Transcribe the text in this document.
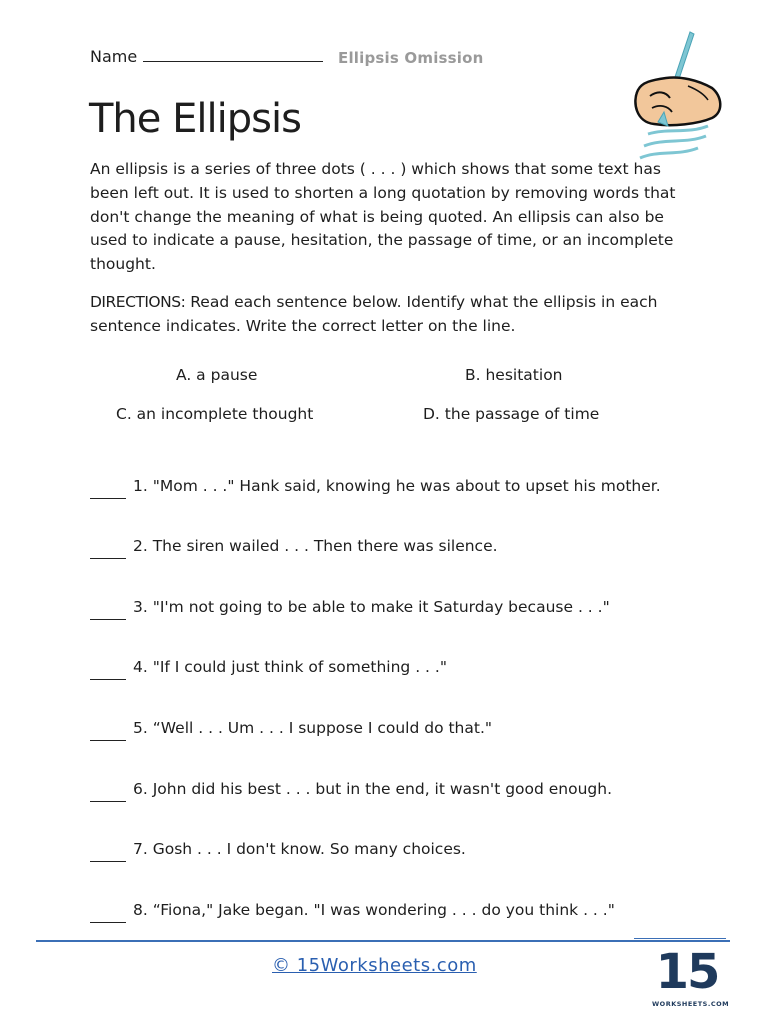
Name	Ellipsis Omission
The Ellipsis

An ellipsis is a series of three dots ( . . . ) which shows that some text has been left out. It is used to shorten a long quotation by removing words that don't change the meaning of what is being quoted. An ellipsis can also be used to indicate a pause, hesitation, the passage of time, or an incomplete thought.

DIRECTIONS: Read each sentence below. Identify what the ellipsis in each sentence indicates. Write the correct letter on the line.

A. a pause	B. hesitation
C. an incomplete thought	D. the passage of time
1. "Mom . . ." Hank said, knowing he was about to upset his mother.
2. The siren wailed . . . Then there was silence.
3. "I'm not going to be able to make it Saturday because . . ."
4. "If I could just think of something . . ."
5. “Well . . . Um . . . I suppose I could do that."
6. John did his best . . . but in the end, it wasn't good enough.
7. Gosh . . . I don't know. So many choices.
8. “Fiona," Jake began. "I was wondering . . . do you think . . ."
© 15Worksheets.com	15
WORKSHEETS.COM
